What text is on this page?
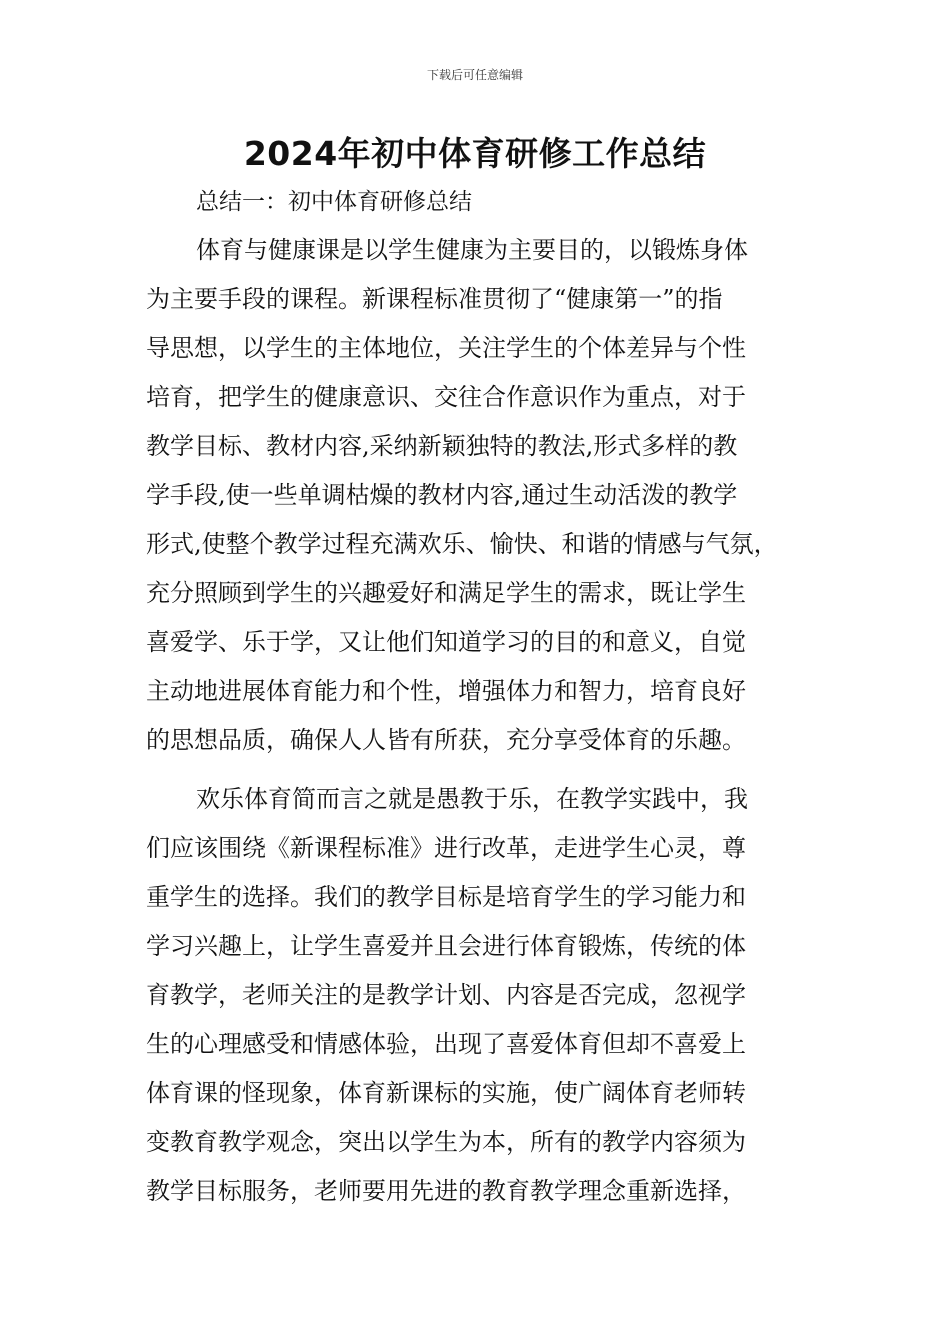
下载后可任意编辑
2024年初中体育研修工作总结
总结一：初中体育研修总结
体育与健康课是以学生健康为主要目的，以锻炼身体
为主要手段的课程。新课程标准贯彻了“健康第一”的指
导思想，以学生的主体地位，关注学生的个体差异与个性
培育，把学生的健康意识、交往合作意识作为重点，对于
教学目标、教材内容,采纳新颖独特的教法,形式多样的教
学手段,使一些单调枯燥的教材内容,通过生动活泼的教学
形式,使整个教学过程充满欢乐、愉快、和谐的情感与气氛，
充分照顾到学生的兴趣爱好和满足学生的需求，既让学生
喜爱学、乐于学，又让他们知道学习的目的和意义，自觉
主动地进展体育能力和个性，增强体力和智力，培育良好
的思想品质，确保人人皆有所获，充分享受体育的乐趣。
欢乐体育简而言之就是愚教于乐，在教学实践中，我
们应该围绕《新课程标准》进行改革，走进学生心灵，尊
重学生的选择。我们的教学目标是培育学生的学习能力和
学习兴趣上，让学生喜爱并且会进行体育锻炼，传统的体
育教学，老师关注的是教学计划、内容是否完成，忽视学
生的心理感受和情感体验，出现了喜爱体育但却不喜爱上
体育课的怪现象，体育新课标的实施，使广阔体育老师转
变教育教学观念，突出以学生为本，所有的教学内容须为
教学目标服务，老师要用先进的教育教学理念重新选择，
